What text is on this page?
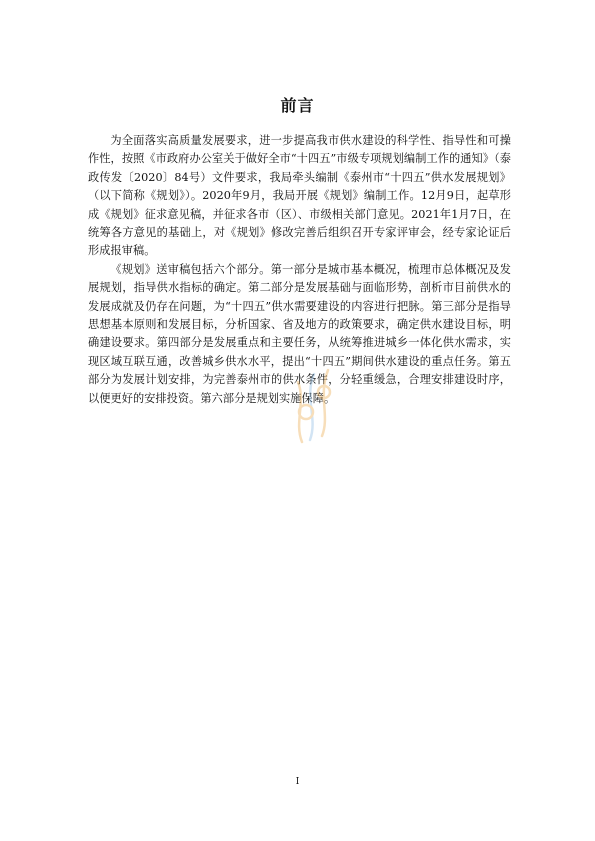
前言

为全面落实高质量发展要求，进一步提高我市供水建设的科学性、指导性和可操作性，按照《市政府办公室关于做好全市“十四五”市级专项规划编制工作的通知》（泰政传发〔2020〕84号）文件要求，我局牵头编制《泰州市“十四五”供水发展规划》（以下简称《规划》）。2020年9月，我局开展《规划》编制工作。12月9日，起草形成《规划》征求意见稿，并征求各市（区）、市级相关部门意见。2021年1月7日，在统筹各方意见的基础上，对《规划》修改完善后组织召开专家评审会，经专家论证后形成报审稿。

《规划》送审稿包括六个部分。第一部分是城市基本概况，梳理市总体概况及发展规划，指导供水指标的确定。第二部分是发展基础与面临形势，剖析市目前供水的发展成就及仍存在问题，为“十四五”供水需要建设的内容进行把脉。第三部分是指导思想基本原则和发展目标，分析国家、省及地方的政策要求，确定供水建设目标，明确建设要求。第四部分是发展重点和主要任务，从统筹推进城乡一体化供水需求，实现区域互联互通，改善城乡供水水平，提出“十四五”期间供水建设的重点任务。第五部分为发展计划安排，为完善泰州市的供水条件，分轻重缓急，合理安排建设时序，以便更好的安排投资。第六部分是规划实施保障。

I
